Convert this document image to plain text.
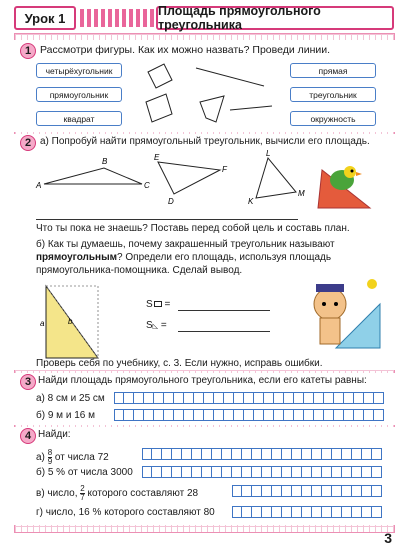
Урок 1	Площадь прямоугольного треугольника
1 Рассмотри фигуры. Как их можно назвать? Проведи линии.
четырёхугольник
прямоугольник
квадрат
прямая
треугольник
окружность
2 а) Попробуй найти прямоугольный треугольник, вычисли его площадь.
A
B
C
E
D
F
L
K
M
Что ты пока не знаешь? Поставь перед собой цель и составь план.
б) Как ты думаешь, почему закрашенный треугольник называют
прямоугольным? Определи его площадь, используя площадь
прямоугольника-помощника. Сделай вывод.
a	b
S =
S◺ =
Проверь себя по учебнику, с. 3. Если нужно, исправь ошибки.
3 Найди площадь прямоугольного треугольника, если его катеты равны:
а) 8 см и 25 см
б) 9 м и 16 м
4 Найди:
$а) \frac{8}{9}$ от числа 72
б) 5 % от числа 3000
в) число, $\frac{2}{7}$ которого составляют 28
г) число, 16 % которого составляют 80
3
